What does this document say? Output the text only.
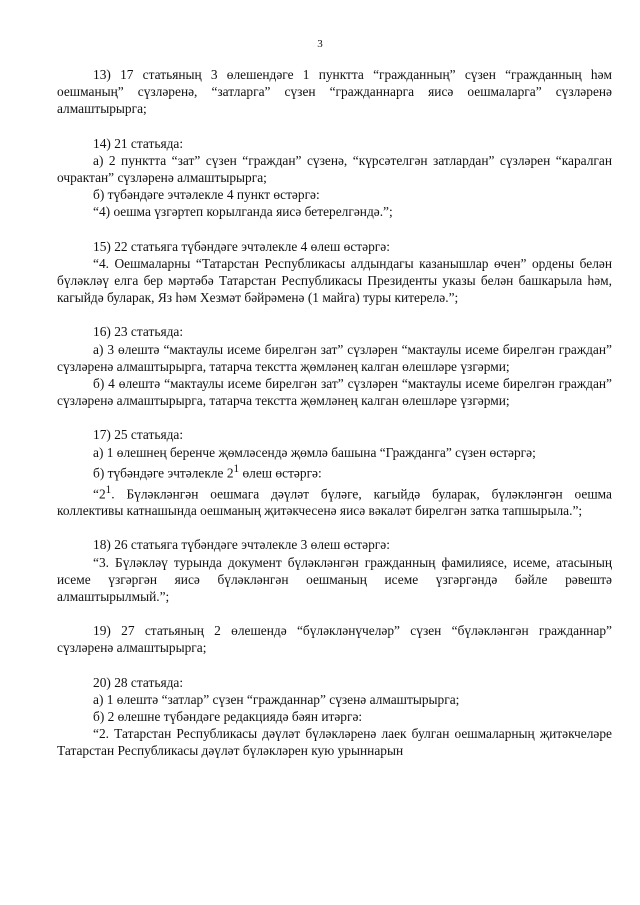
3

13) 17 статьяның 3 өлешендәге 1 пунктта “гражданның” сүзен “гражданның һәм оешманың” сүзләренә, “затларга” сүзен “гражданнарга яисә оешмаларга” сүзләренә алмаштырырга;

14) 21 статьяда:

а) 2 пунктта “зат” сүзен “граждан” сүзенә, “күрсәтелгән затлардан” сүзләрен “каралган очрактан” сүзләренә алмаштырырга;

б) түбәндәге эчтәлекле 4 пункт өстәргә:

“4) оешма үзгәртеп корылганда яисә бетерелгәндә.”;

15) 22 статьяга түбәндәге эчтәлекле 4 өлеш өстәргә:

“4. Оешмаларны “Татарстан Республикасы алдындагы казанышлар өчен” ордены белән бүләкләү елга бер мәртәбә Татарстан Республикасы Президенты указы белән башкарыла һәм, кагыйдә буларак, Яз һәм Хезмәт бәйрәменә (1 майга) туры китерелә.”;

16) 23 статьяда:

а) 3 өлештә “мактаулы исеме бирелгән зат” сүзләрен “мактаулы исеме бирелгән граждан” сүзләренә алмаштырырга, татарча текстта җөмләнең калган өлешләре үзгәрми;

б) 4 өлештә “мактаулы исеме бирелгән зат” сүзләрен “мактаулы исеме бирелгән граждан” сүзләренә алмаштырырга, татарча текстта җөмләнең калган өлешләре үзгәрми;

17) 25 статьяда:

а) 1 өлешнең беренче җөмләсендә җөмлә башына “Гражданга” сүзен өстәргә;

б) түбәндәге эчтәлекле $2^1$ өлеш өстәргә:

“$2^1$. Бүләкләнгән оешмага дәүләт бүләге, кагыйдә буларак, бүләкләнгән оешма коллективы катнашында оешманың җитәкчесенә яисә вәкаләт бирелгән затка тапшырыла.”;

18) 26 статьяга түбәндәге эчтәлекле 3 өлеш өстәргә:

“3. Бүләкләү турында документ бүләкләнгән гражданның фамилиясе, исеме, атасының исеме үзгәргән яисә бүләкләнгән оешманың исеме үзгәргәндә бәйле рәвештә алмаштырылмый.”;

19) 27 статьяның 2 өлешендә “бүләкләнүчеләр” сүзен “бүләкләнгән гражданнар” сүзләренә алмаштырырга;

20) 28 статьяда:

а) 1 өлештә “затлар” сүзен “гражданнар” сүзенә алмаштырырга;

б) 2 өлешне түбәндәге редакциядә бәян итәргә:

“2. Татарстан Республикасы дәүләт бүләкләренә лаек булган оешмаларның җитәкчеләре Татарстан Республикасы дәүләт бүләкләрен кую урыннарын
